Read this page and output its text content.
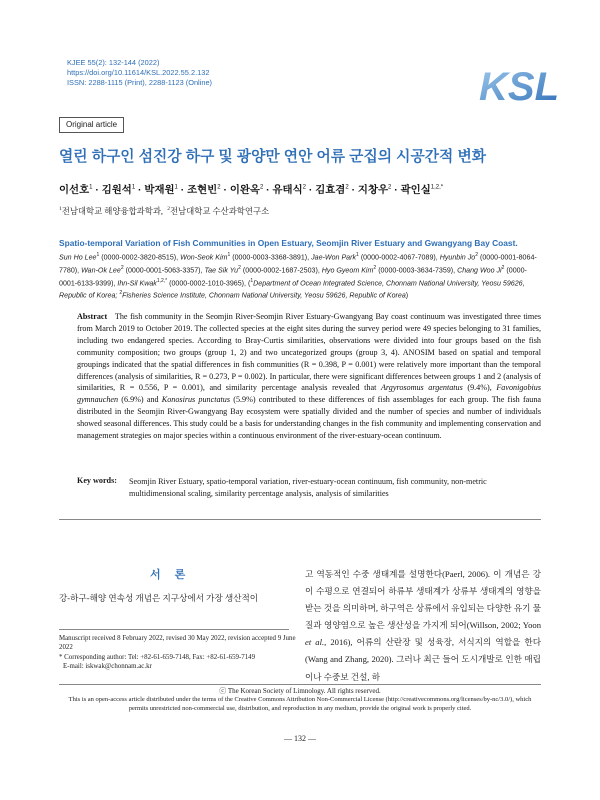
KJEE 55(2): 132-144 (2022)
https://doi.org/10.11614/KSL.2022.55.2.132
ISSN: 2288-1115 (Print), 2288-1123 (Online)	KSL
Original article
열린 하구인 섬진강 하구 및 광양만 연안 어류 군집의 시공간적 변화
이선호$^1$ · 김원석$^1$ · 박재원$^1$ · 조현빈$^2$ · 이완옥$^2$ · 유태식$^2$ · 김효겸$^2$ · 지창우$^2$ · 곽인실$^{1,2,*}$
$^1$전남대학교 해양융합과학과, $^2$전남대학교 수산과학연구소
Spatio-temporal Variation of Fish Communities in Open Estuary, Seomjin River Estuary and Gwangyang Bay Coast.
Sun Ho Lee$^1$ (0000-0002-3820-8515), Won-Seok Kim$^1$ (0000-0003-3368-3891), Jae-Won Park$^1$ (0000-0002-4067-7089), Hyunbin Jo$^2$ (0000-0001-8064-7780), Wan-Ok Lee$^2$ (0000-0001-5063-3357), Tae Sik Yu$^2$ (0000-0002-1687-2503), Hyo Gyeom Kim$^2$ (0000-0003-3634-7359), Chang Woo Ji$^2$ (0000-0001-6133-9399), Ihn-Sil Kwak$^{1,2,*}$ (0000-0002-1010-3965), ($^1$Department of Ocean Integrated Science, Chonnam National University, Yeosu 59626, Republic of Korea; $^2$Fisheries Science Institute, Chonnam National University, Yeosu 59626, Republic of Korea)
Abstract The fish community in the Seomjin River-Seomjin River Estuary-Gwangyang Bay coast continuum was investigated three times from March 2019 to October 2019. The collected species at the eight sites during the survey period were 49 species belonging to 31 families, including two endangered species. According to Bray-Curtis similarities, observations were divided into four groups based on the fish community composition; two groups (group 1, 2) and two uncategorized groups (group 3, 4). ANOSIM based on spatial and temporal groupings indicated that the spatial differences in fish communities (R = 0.398, P = 0.001) were relatively more important than the temporal differences (analysis of similarities, R = 0.273, P = 0.002). In particular, there were significant differences between groups 1 and 2 (analysis of similarities, R = 0.556, P = 0.001), and similarity percentage analysis revealed that Argyrosomus argentatus (9.4%), Favonigobius gymnauchen (6.9%) and Konosirus punctatus (5.9%) contributed to these differences of fish assemblages for each group. The fish fauna distributed in the Seomjin River-Gwangyang Bay ecosystem were spatially divided and the number of species and number of individuals showed seasonal differences. This study could be a basis for understanding changes in the fish community and implementing conservation and management strategies on major species within a continuous environment of the river-estuary-ocean continuum.
Key words: Seomjin River Estuary, spatio-temporal variation, river-estuary-ocean continuum, fish community, non-metric multidimensional scaling, similarity percentage analysis, analysis of similarities
서론
강-하구-해양 연속성 개념은 지구상에서 가장 생산적이
Manuscript received 8 February 2022, revised 30 May 2022, revision accepted 9 June 2022
* Corresponding author: Tel: +82-61-659-7148, Fax: +82-61-659-7149
E-mail: iskwak@chonnam.ac.kr
고 역동적인 수중 생태계를 설명한다(Paerl, 2006). 이 개념은 강이 수평으로 연결되어 하류부 생태계가 상류부 생태계의 영향을 받는 것을 의미하며, 하구역은 상류에서 유입되는 다양한 유기 물질과 영양염으로 높은 생산성을 가지게 되어(Willson, 2002; Yoon et al., 2016), 어류의 산란장 및 성육장, 서식지의 역할을 한다(Wang and Zhang, 2020). 그러나 최근 들어 도시개발로 인한 매립이나 수중보 건설, 하
ⓒ The Korean Society of Limnology. All rights reserved.
This is an open-access article distributed under the terms of the Creative Commons Attribution Non-Commercial License (http://creativecommons.org/licenses/by-nc/3.0/), which permits unrestricted non-commercial use, distribution, and reproduction in any medium, provide the original work is properly cited.
— 132 —
